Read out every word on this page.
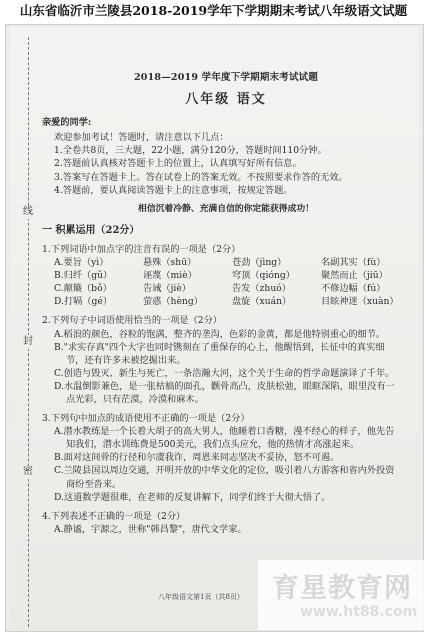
山东省临沂市兰陵县2018-2019学年下学期期末考试八年级语文试题
线
封
密
2018—2019 学年度下学期期末考试试题
八年级 语文

亲爱的同学:

欢迎参加考试！答题时，请注意以下几点：

1.全卷共8页，三大题，22小题，满分120分，答题时间110分钟。

2.答题前认真核对答题卡上的位置上，认真填写好所有信息。

3.答案写在答题卡上。答在试卷上的答案无效。不按照要求作答的无效。

4.答题前，要认真阅读答题卡上的注意事项，按规定答题。

相信沉着冷静、充满自信的你定能获得成功！

一 积累运用（22分）

1.下列词语中加点字的注音有误的一项是（2分）

A.要旨（yì）	悬殊（shū）	苍劲（jìng）	名副其实（fù）
B.归纤（gǔ）	诬蔑（miè）	穹顶（qióng）	聚然而止（jiū）
C.颠簸（bǒ）	告诫（jiè）	告发（zhuó）	不修边幅（fú）
D.打嗝（gé）	萤惑（hèng）	盘旋（xuán）	目眩神迷（xuàn）

2.下列句子中词语使用恰当的一项是（2分）

A.稻浪的颜色，谷粒的饱满，整齐的垄沟，色彩的金黄，都是他特别重心的细节。

B."求实存真"四个大字也同时镌刻在了重保存的心上，他醒悟到，长征中的真实细

节，还有许多未被挖掘出来。

C.创造与毁灭、新生与死亡，一条浩瀚大河，这个关于生命的哲学命题演译了千年。

D.水温倒影兼色，是一张枯槁的面孔，颧骨高凸，皮肤松弛，眼眶深陷，眼里没有一

点光彩，只有茫漠，冷漠和麻木。

3.下列句中加点的成语使用不正确的一项是（2分）

A.潜水教练是一个长着大胡子的高大男人，他睡着口香糖，漫不经心的样子，他先告

知我们，潜水训练费是500美元，我们点头应允，他的热情才高涨起来。

B.面对这间骨的行径和尔虞我诈，周恩来同志坚决不妥协，怒不可遏。

C.兰陵县国以周边交通，开明开放的中华文化的定位，吸引着八方游客和省内外投资

商纷至沓来。

D.这道数学题很难，在老师的反复讲解下，同学们终于大彻大悟了。

4.下列表述不正确的一项是（2分）

A.静谧，宇源之，世称"韩昌黎"，唐代文学家。

八年级语文第1页（共8页） 育星教育网
www.ht88.com
